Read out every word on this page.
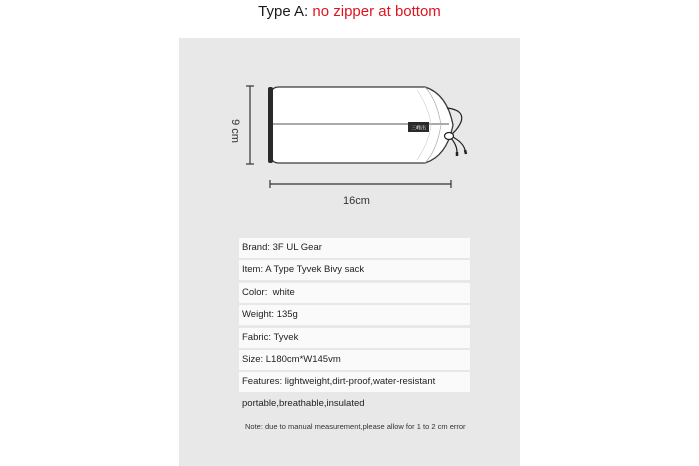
Type A: no zipper at bottom
三峰出
9 cm
16cm
Brand: 3F UL Gear
Item: A Type Tyvek Bivy sack
Color: white
Weight: 135g
Fabric: Tyvek
Size: L180cm*W145vm
Features: lightweight,dirt-proof,water-resistant
portable,breathable,insulated
Note: due to manual measurement,please allow for 1 to 2 cm error
